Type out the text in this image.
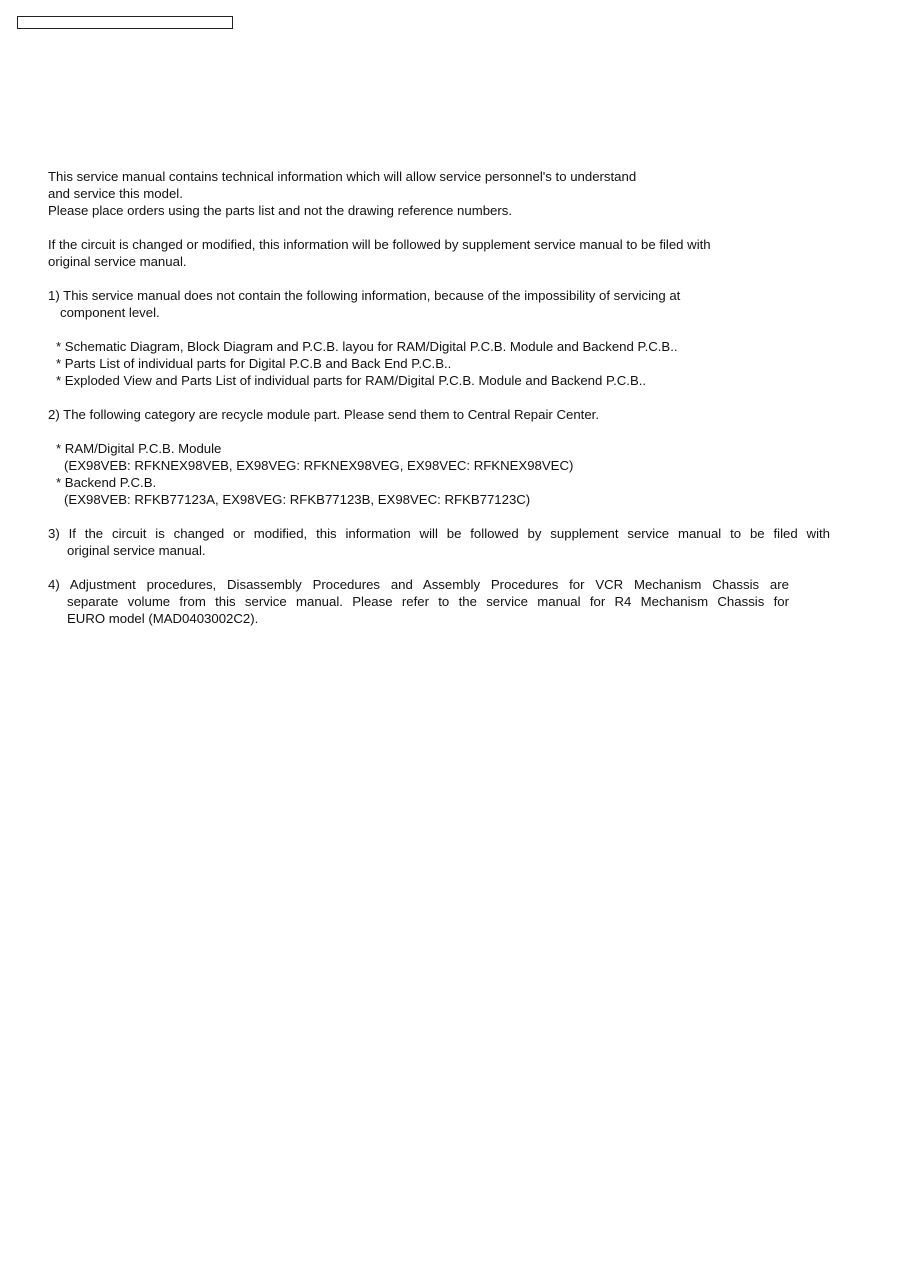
This service manual contains technical information which will allow service personnel's to understand
and service this model.
Please place orders using the parts list and not the drawing reference numbers.
If the circuit is changed or modified, this information will be followed by supplement service manual to be filed with
original service manual.
1) This service manual does not contain the following information, because of the impossibility of servicing at
component level.
* Schematic Diagram, Block Diagram and P.C.B. layou for RAM/Digital P.C.B. Module and Backend P.C.B..
* Parts List of individual parts for Digital P.C.B and Back End P.C.B..
* Exploded View and Parts List of individual parts for RAM/Digital P.C.B. Module and Backend P.C.B..
2) The following category are recycle module part. Please send them to Central Repair Center.
* RAM/Digital P.C.B. Module
(EX98VEB: RFKNEX98VEB, EX98VEG: RFKNEX98VEG, EX98VEC: RFKNEX98VEC)
* Backend P.C.B.
(EX98VEB: RFKB77123A, EX98VEG: RFKB77123B, EX98VEC: RFKB77123C)
3) If the circuit is changed or modified, this information will be followed by supplement service manual to be filed with
original service manual.
4) Adjustment procedures, Disassembly Procedures and Assembly Procedures for VCR Mechanism Chassis are
separate volume from this service manual. Please refer to the service manual for R4 Mechanism Chassis for
EURO model (MAD0403002C2).
